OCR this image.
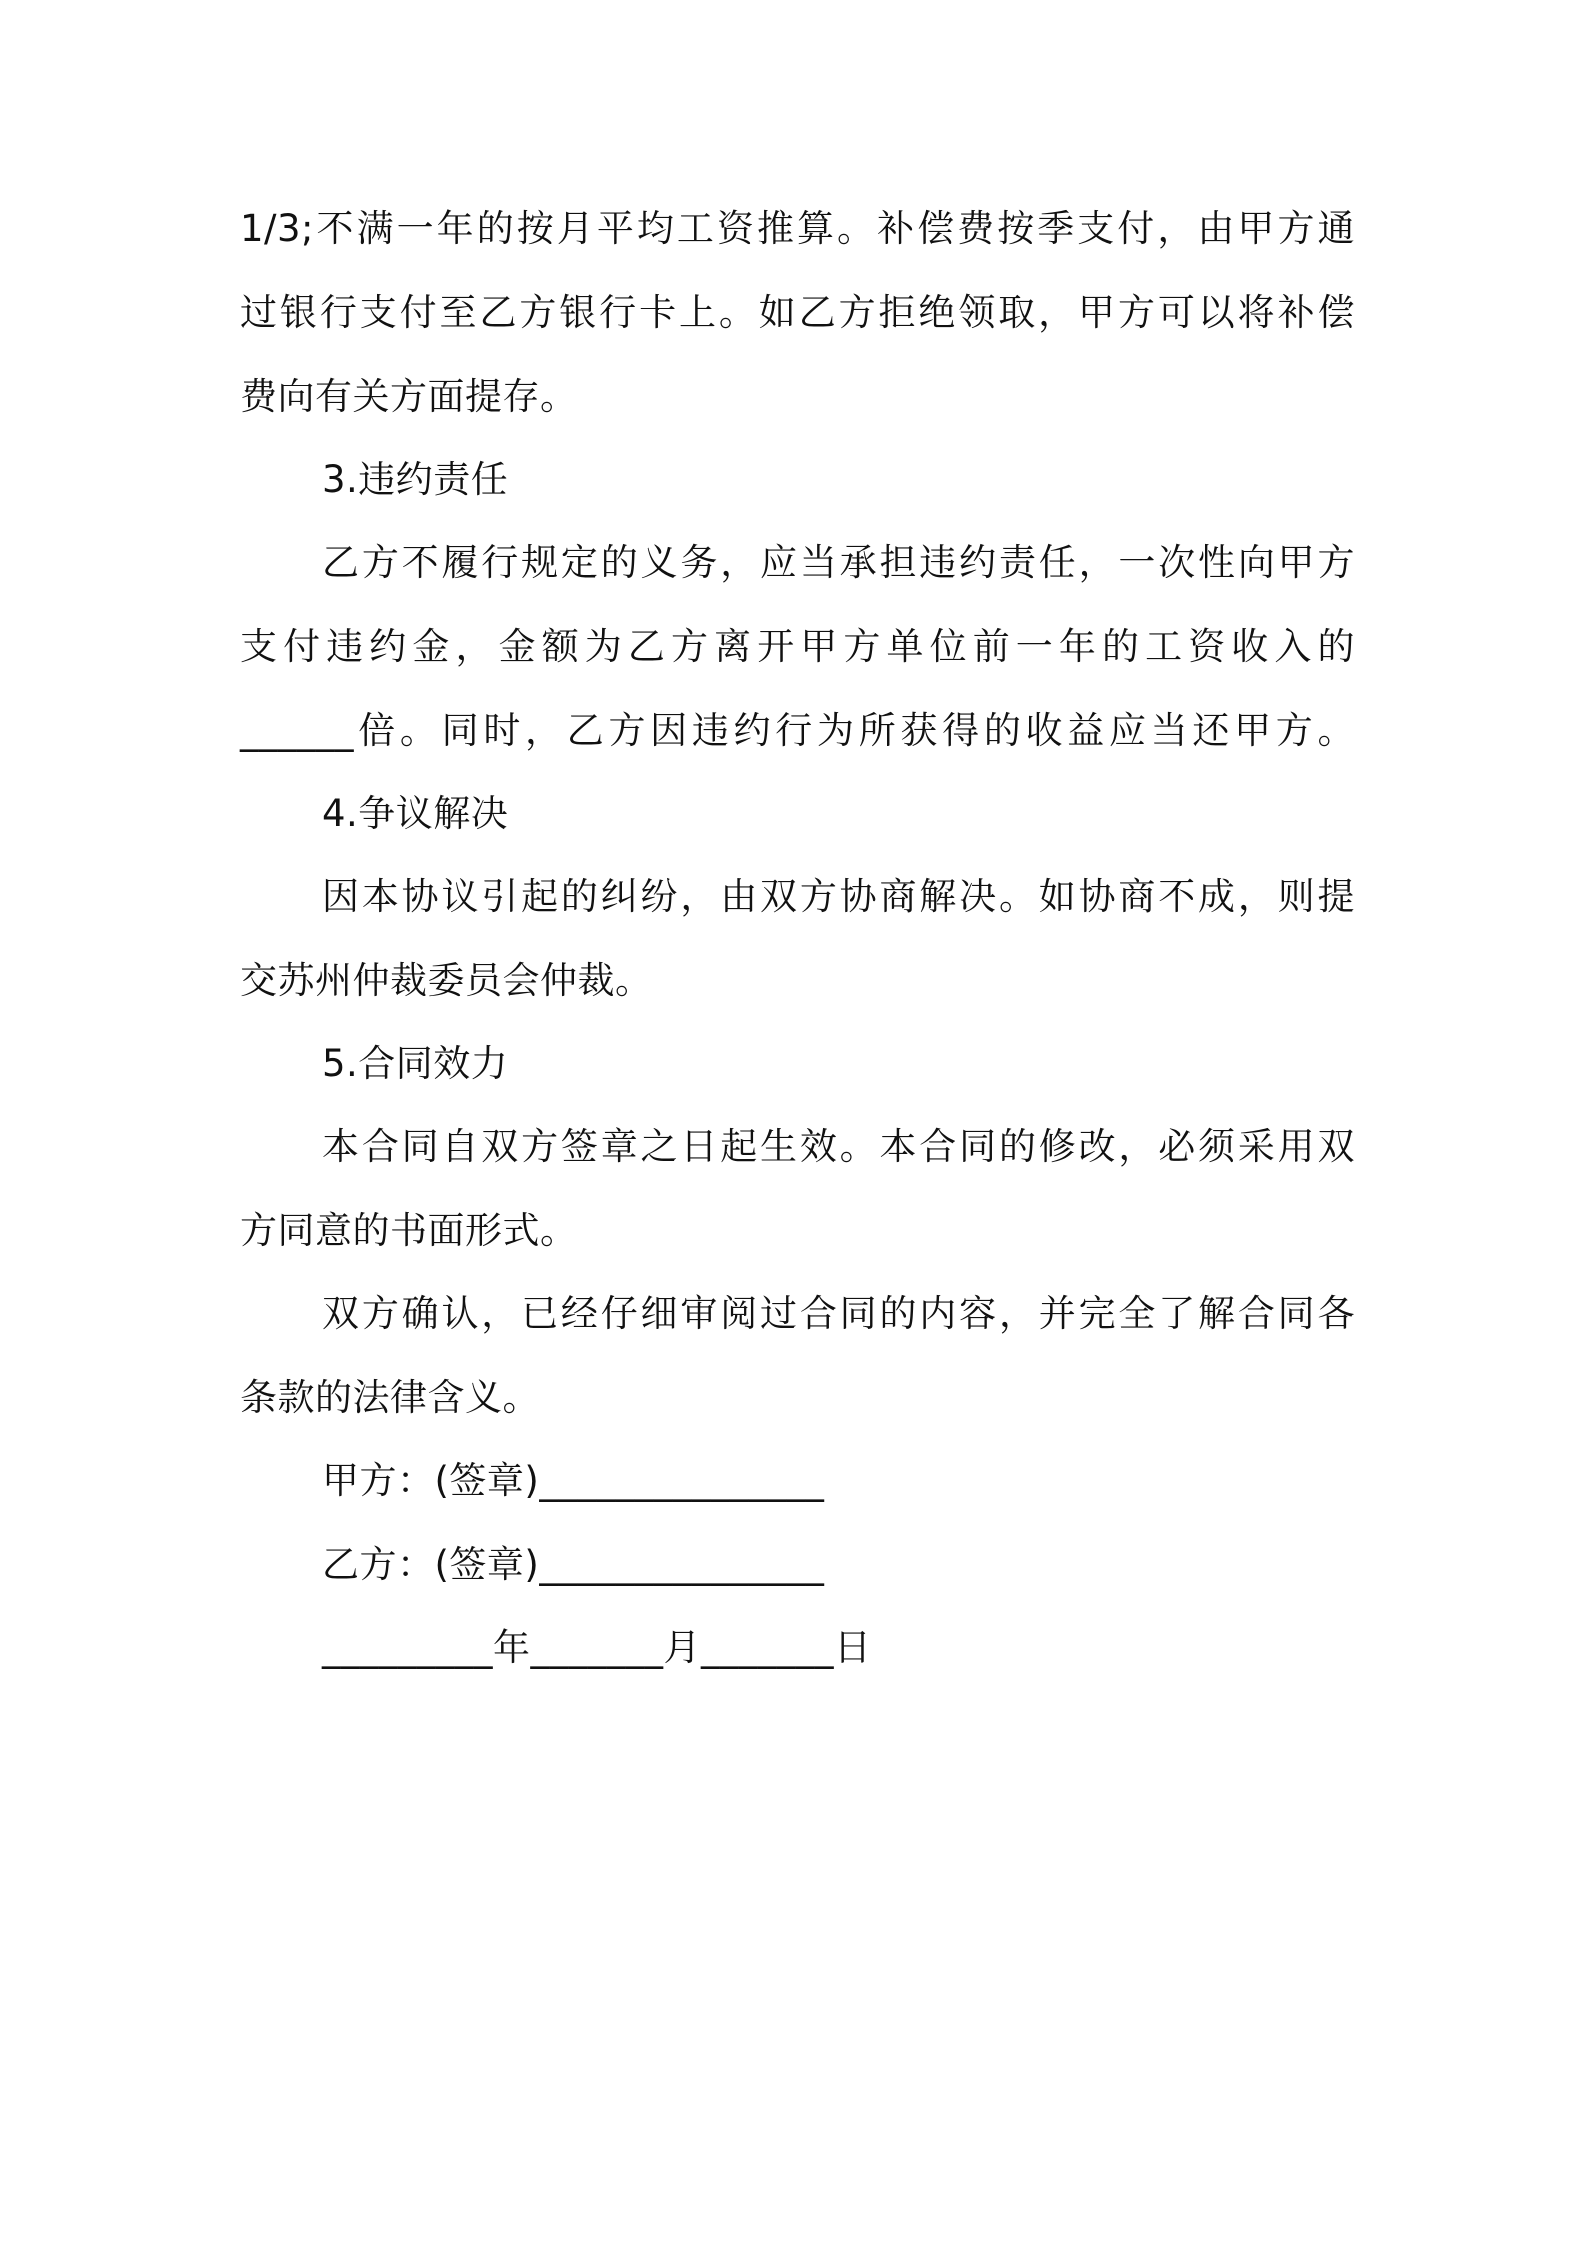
1/3;不满一年的按月平均工资推算。补偿费按季支付，由甲方通
过银行支付至乙方银行卡上。如乙方拒绝领取，甲方可以将补偿
费向有关方面提存。
3.违约责任
乙方不履行规定的义务，应当承担违约责任，一次性向甲方
支付违约金，金额为乙方离开甲方单位前一年的工资收入的
______倍。同时，乙方因违约行为所获得的收益应当还甲方。
4.争议解决
因本协议引起的纠纷，由双方协商解决。如协商不成，则提
交苏州仲裁委员会仲裁。
5.合同效力
本合同自双方签章之日起生效。本合同的修改，必须采用双
方同意的书面形式。
双方确认，已经仔细审阅过合同的内容，并完全了解合同各
条款的法律含义。
甲方：(签章)_______________
乙方：(签章)_______________
_________年_______月_______日
